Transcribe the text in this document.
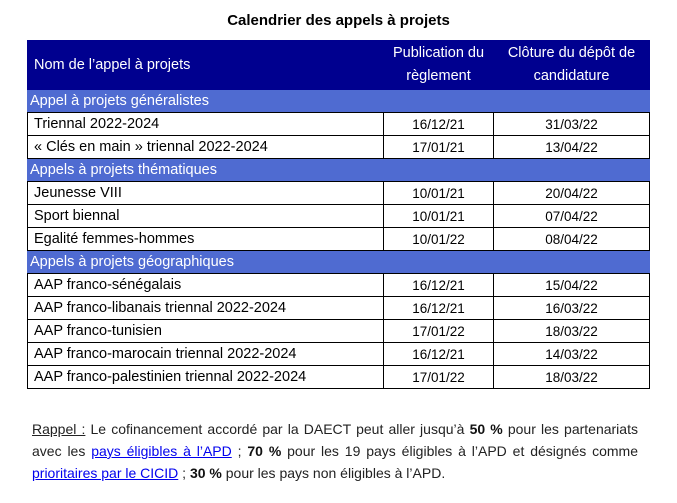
Calendrier des appels à projets
Nom de l’appel à projets	Publication du règlement	Clôture du dépôt de candidature
Appel à projets généralistes		
Triennal 2022-2024	16/12/21	31/03/22
« Clés en main » triennal 2022-2024	17/01/21	13/04/22
Appels à projets thématiques		
Jeunesse VIII	10/01/21	20/04/22
Sport biennal	10/01/21	07/04/22
Egalité femmes-hommes	10/01/22	08/04/22
Appels à projets géographiques		
AAP franco-sénégalais	16/12/21	15/04/22
AAP franco-libanais triennal 2022-2024	16/12/21	16/03/22
AAP franco-tunisien	17/01/22	18/03/22
AAP franco-marocain triennal 2022-2024	16/12/21	14/03/22
AAP franco-palestinien triennal 2022-2024	17/01/22	18/03/22
Rappel : Le cofinancement accordé par la DAECT peut aller jusqu’à 50 % pour les partenariats avec les pays éligibles à l’APD ; 70 % pour les 19 pays éligibles à l’APD et désignés comme prioritaires par le CICID ; 30 % pour les pays non éligibles à l’APD.
